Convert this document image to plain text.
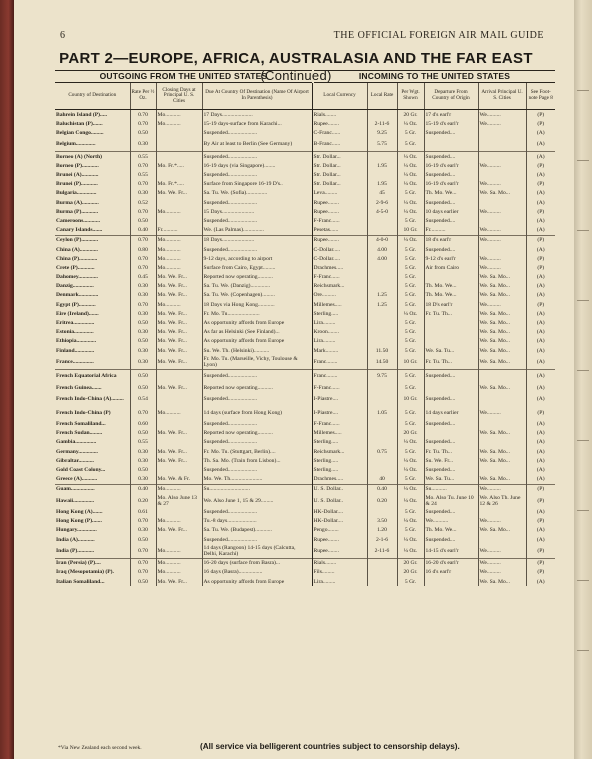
6	THE OFFICIAL FOREIGN AIR MAIL GUIDE
PART 2—EUROPE, AFRICA, AUSTRALASIA AND THE FAR EAST (Continued)
OUTGOING FROM THE UNITED STATES	INCOMING TO THE UNITED STATES
Country of Destination	Rate Per ½ Oz.	Closing Days at Principal U. S. Cities	Due At Country Of Destination (Name Of Airport In Parenthesis)	Local Currency	Local Rate	Per Wgt. Shown	Departure From Country of Origin	Arrival Principal U. S. Cities	See Foot-note Page 8
Bahrein Island (P).....	0.70	Mo...........	17 Days......................	Rials........		20 Gr.	17 d's earl'r	We..........	(P)
Baluchistan (P).......	0.70	Mo...........	15-19 days-surface from Karachi...	Rupee........	2-11-6	¼ Oz.	15-19 d's earl'r	We..........	(P)
Belgian Congo.........	0.50		Suspended.....................	C-Franc......	9.25	5 Gr.	Suspended....		(A)
Belgium..............	0.30		By Air at least to Berlin (See Germany)	B-Franc......	5.75	5 Gr.			(A)
Borneo (A) (North)	0.55		Suspended.....................	Str. Dollar...		¼ Oz.	Suspended....		(A)
Borneo (P)............	0.70	Mo. Fr.*.....	16-19 days (via Singapore)........	Str. Dollar...	1.95	¼ Oz.	16-19 d's earl'r	We..........	(P)
Brunei (A)............	0.55		Suspended.....................	Str. Dollar...		¼ Oz.	Suspended....		(A)
Brunei (P)............	0.70	Mo. Fr.*.....	Surface from Singapore 16-19 D's..	Str. Dollar...	1.95	¼ Oz.	16-19 d's earl'r	We..........	(P)
Bulgaria..............	0.30	Mo. We. Fr...	Sa. Tu. We. (Sofia)...............	Leva.........	45	5 Gr.	Th. Mo. We...	We. Sa. Mo...	(A)
Burma (A)............	0.52		Suspended.....................	Rupee........	2-9-6	¼ Oz.	Suspended....		(A)
Burma (P)............	0.70	Mo...........	15 Days.......................	Rupee........	4-5-0	¼ Oz.	10 days earlier	We..........	(P)
Cameroons............	0.50		Suspended.....................	F-Franc......		5 Gr.	Suspended....		(A)
Canary Islands.......	0.40	Fr...........	We. (Las Palmas)...............	Pesetas......		10 Gr.	Fr...........	We..........	(A)
Ceylon (P)............	0.70	Mo...........	18 Days.......................	Rupee........	4-0-0	¼ Oz.	18 d's earl'r	We..........	(P)
China (A).............	0.80	Mo...........	Suspended.....................	C-Dollar.....	4.00	5 Gr.	Suspended....		(A)
China (P).............	0.70	Mo...........	9-12 days, according to airport	C-Dollar.....	4.00	5 Gr.	9-12 d's earl'r	We..........	(P)
Crete (P)............	0.70	Mo...........	Surface from Cairo, Egypt.........	Drachmes.....		5 Gr.	Air from Cairo	We..........	(P)
Dahomey..............	0.45	Mo. We. Fr...	Reported now operating...........	F-Franc......		5 Gr.		We. Sa. Mo...	(A)
Danzig...............	0.30	Mo. We. Fr...	Sa. Tu. We. (Danzig)..............	Reichsmark...		5 Gr.	Th. Mo. We...	We. Sa. Mo...	(A)
Denmark..............	0.30	Mo. We. Fr...	Sa. Tu. We. (Copenhagen).........	Ore..........	1.25	5 Gr.	Th. Mo. We...	We. Sa. Mo...	(A)
Egypt (P)............	0.70	Mo...........	18 Days via Hong Kong............	Millemes.....	1.25	5 Gr.	18 D's earl'r	We..........	(P)
Eire (Ireland).......	0.30	Mo. We. Fr...	Fr. Mo. Tu.......................	Sterling.....		¼ Oz.	Fr. Tu. Th...	We. Sa. Mo...	(A)
Eritrea...............	0.50	Mo. We. Fr...	As opportunity affords from Europe	Lira.........		5 Gr.		We. Sa. Mo...	(A)
Estonia..............	0.30	Mo. We. Fr...	As far as Helsinki (See Finland)...	Kroon........		5 Gr.		We. Sa. Mo...	(A)
Ethiopia..............	0.50	Mo. We. Fr...	As opportunity affords from Europe	Lira.........		5 Gr.		We. Sa. Mo...	(A)
Finland..............	0.30	Mo. We. Fr...	Su. We. Th. (Helsinki)...........	Mark.........	11.50	5 Gr.	We. Sa. Tu...	We. Sa. Mo...	(A)
France...............	0.30	Mo. We. Fr...	Fr. Mo. Tu. (Marseille, Vichy, Toulouse & Lyon)	Franc........	14.50	10 Gr.	Fr. Tu. Th...	We. Sa. Mo...	(A)
French Equatorial Africa	0.50		Suspended.....................	Franc........	9.75	5 Gr.	Suspended....		(A)
French Guinea.......	0.50	Mo. We. Fr...	Reported now operating...........	F-Franc......		5 Gr.		We. Sa. Mo...	(A)
French Indo-China (A).........	0.54		Suspended.....................	I-Piastre....		10 Gr.	Suspended....		(A)
French Indo-China (P)	0.70	Mo...........	14 days (surface from Hong Kong)	I-Piastre....	1.05	5 Gr.	14 days earlier	We..........	(P)
French Somaliland...	0.60		Suspended.....................	F-Franc......		5 Gr.	Suspended....		(A)
French Sudan.........	0.50	Mo. We. Fr...	Reported now operating...........	Millemes.....		20 Gr.		We. Sa. Mo...	(A)
Gambia...............	0.55		Suspended.....................	Sterling.....		¼ Oz.	Suspended....		(A)
Germany..............	0.30	Mo. We. Fr...	Fr. Mo. Tu. (Stuttgart, Berlin)....	Reichsmark...	0.75	5 Gr.	Fr. Tu. Th...	We. Sa. Mo...	(A)
Gibraltar...........	0.30	Mo. We. Fr...	Th. Sa. Mo. (Train from Lisbon)...	Sterling.....		¼ Oz.	Su. We. Fr...	We. Sa. Mo...	(A)
Gold Coast Colony...	0.50		Suspended.....................	Sterling.....		¼ Oz.	Suspended....		(A)
Greece (A)...........	0.30	Mo. We. & Fr.	Mo. We. Th.......................	Drachmes.....	40	5 Gr.	We. Sa. Tu...	We. Sa. Mo...	(A)
Guam.................	0.40	Mo...........	Su.............................	U. S. Dollar..	0.40	¼ Oz.	Su...........	We..........	(P)
Hawaii...............	0.20	Mo. Also June 13 & 27	We. Also June 1, 15 & 29.........	U. S. Dollar..	0.20	¼ Oz.	Mo. Also Tu. June 10 & 24	We. Also Th. June 12 & 26	(P)
Hong Kong (A).......	0.61		Suspended.....................	HK-Dollar....		5 Gr.	Suspended....		(A)
Hong Kong (P).......	0.70	Mo...........	Tu.-8 days.....................	HK-Dollar....	3.50	¼ Oz.	We...........	We..........	(P)
Hungary..............	0.30	Mo. We. Fr...	Sa. Tu. We. (Budapest)............	Pengo........	1.20	5 Gr.	Th. Mo. We...	We. Sa. Mo...	(A)
India (A)............	0.50		Suspended.....................	Rupee........	2-1-6	¼ Oz.	Suspended....		(A)
India (P)............	0.70	Mo...........	14 days (Rangoon) 14-15 days (Calcutta, Delhi, Karachi)	Rupee........	2-11-6	¼ Oz.	14-15 d's earl'r	We..........	(P)
Iran (Persia) (P)....	0.70	Mo...........	16-20 days (surface from Basra)...	Rials........		20 Gr.	16-20 d's earl'r	We..........	(P)
Iraq (Mesopotamia) (P).	0.70	Mo...........	16 days (Basra).................	Fils.........		20 Gr.	16 d's earl'r	We..........	(P)
Italian Somaliland...	0.50	Mo. We. Fr...	As opportunity affords from Europe	Lira.........		5 Gr.		We. Sa. Mo...	(A)
*Via New Zealand each second week.	(All service via belligerent countries subject to censorship delays).
